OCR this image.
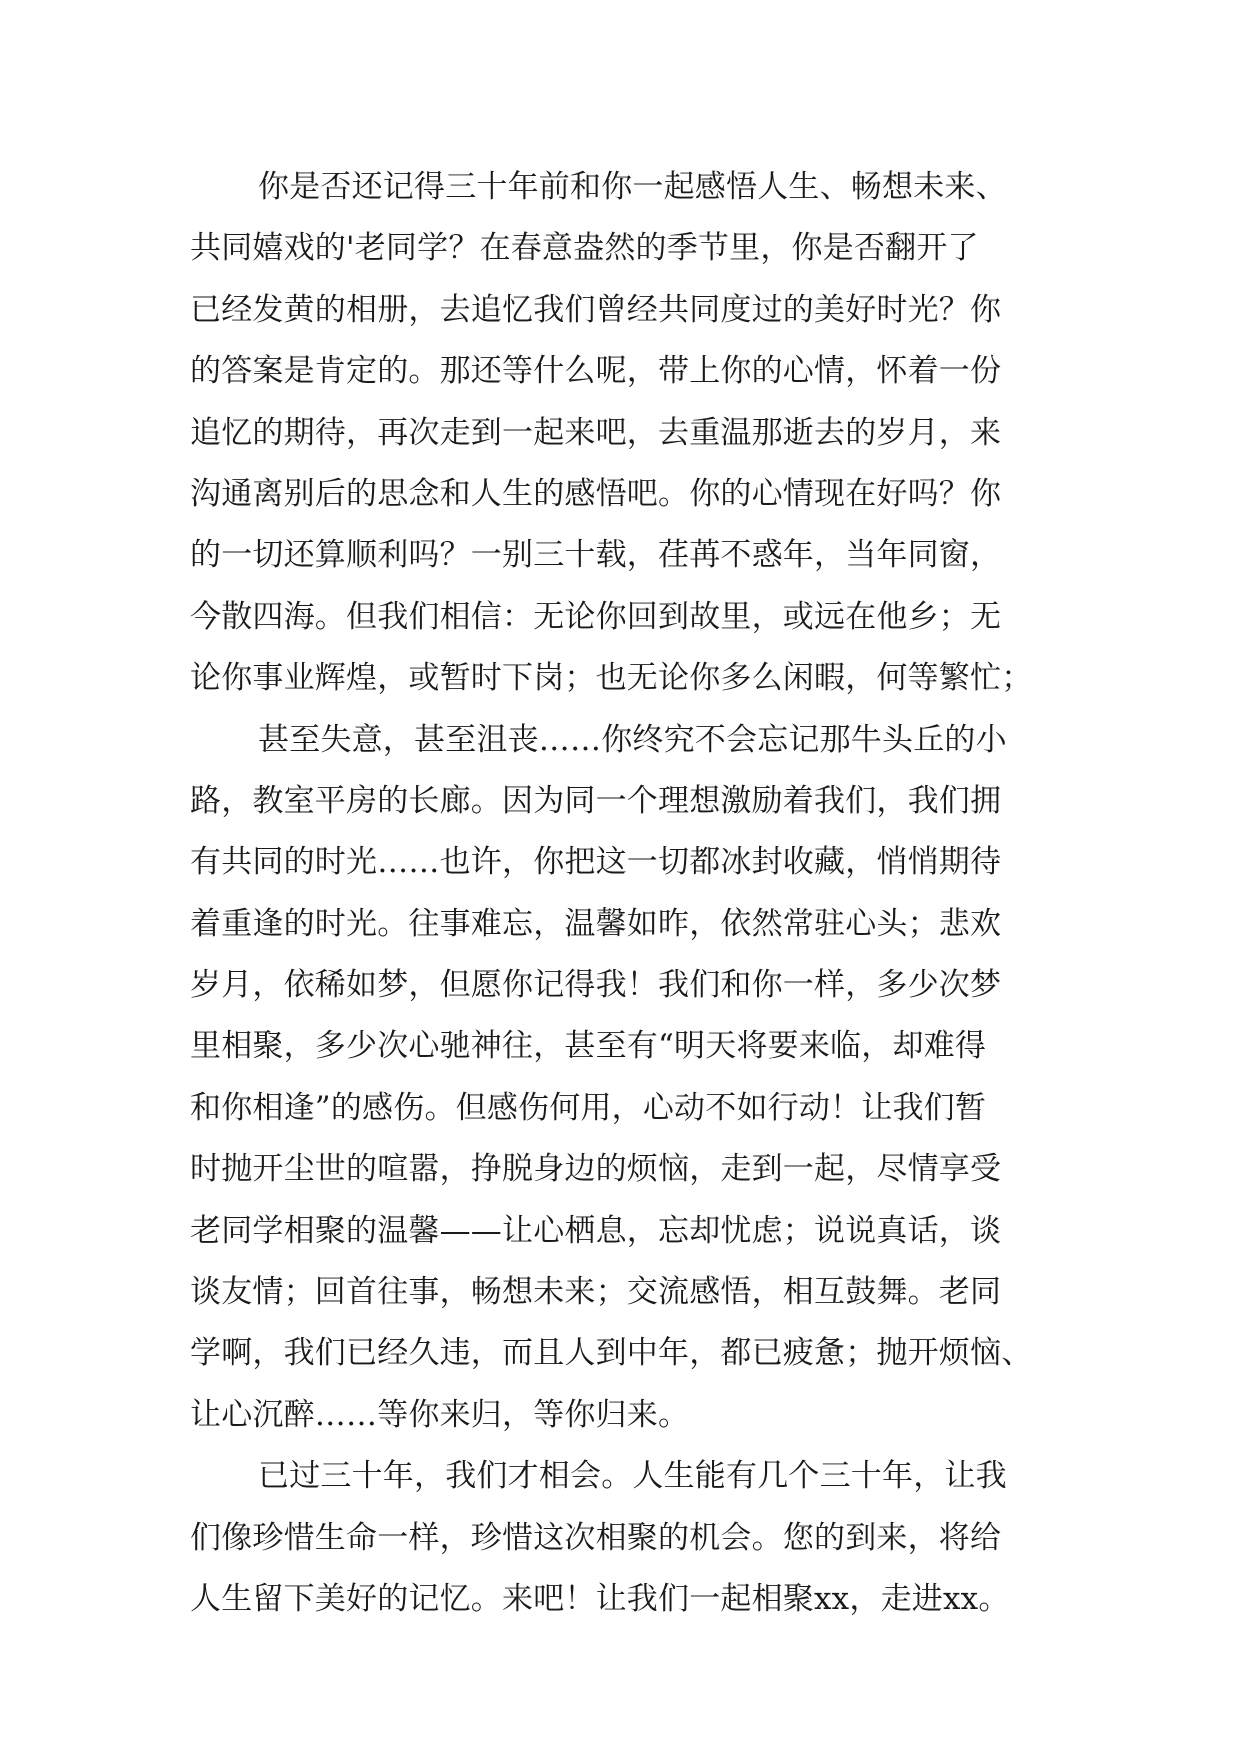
你是否还记得三十年前和你一起感悟人生、畅想未来、
共同嬉戏的'老同学？在春意盎然的季节里，你是否翻开了
已经发黄的相册，去追忆我们曾经共同度过的美好时光？你
的答案是肯定的。那还等什么呢，带上你的心情，怀着一份
追忆的期待，再次走到一起来吧，去重温那逝去的岁月，来
沟通离别后的思念和人生的感悟吧。你的心情现在好吗？你
的一切还算顺利吗？一别三十载，荏苒不惑年，当年同窗，
今散四海。但我们相信：无论你回到故里，或远在他乡；无
论你事业辉煌，或暂时下岗；也无论你多么闲暇，何等繁忙；
甚至失意，甚至沮丧……你终究不会忘记那牛头丘的小
路，教室平房的长廊。因为同一个理想激励着我们，我们拥
有共同的时光……也许，你把这一切都冰封收藏，悄悄期待
着重逢的时光。往事难忘，温馨如昨，依然常驻心头；悲欢
岁月，依稀如梦，但愿你记得我！我们和你一样，多少次梦
里相聚，多少次心驰神往，甚至有“明天将要来临，却难得
和你相逢”的感伤。但感伤何用，心动不如行动！让我们暂
时抛开尘世的喧嚣，挣脱身边的烦恼，走到一起，尽情享受
老同学相聚的温馨——让心栖息，忘却忧虑；说说真话，谈
谈友情；回首往事，畅想未来；交流感悟，相互鼓舞。老同
学啊，我们已经久违，而且人到中年，都已疲惫；抛开烦恼、
让心沉醉……等你来归，等你归来。
已过三十年，我们才相会。人生能有几个三十年，让我
们像珍惜生命一样，珍惜这次相聚的机会。您的到来，将给
人生留下美好的记忆。来吧！让我们一起相聚xx，走进xx。
